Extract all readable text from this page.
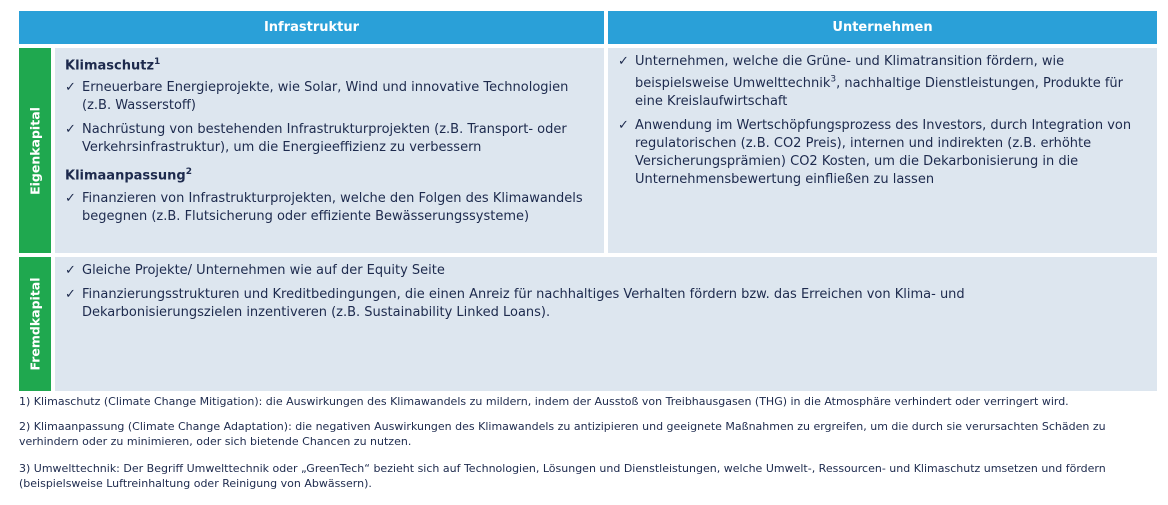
Infrastruktur	Unternehmen
Eigenkapital
Klimaschutz$^1$
✓ Erneuerbare Energieprojekte, wie Solar, Wind und innovative Technologien (z.B. Wasserstoff)
✓ Nachrüstung von bestehenden Infrastrukturprojekten (z.B. Transport- oder Verkehrsinfrastruktur), um die Energieeffizienz zu verbessern
Klimaanpassung$^2$
✓ Finanzieren von Infrastrukturprojekten, welche den Folgen des Klimawandels begegnen (z.B. Flutsicherung oder effiziente Bewässerungssysteme)
✓ Unternehmen, welche die Grüne- und Klimatransition fördern, wie beispielsweise Umwelttechnik$^3$, nachhaltige Dienstleistungen, Produkte für eine Kreislaufwirtschaft
✓ Anwendung im Wertschöpfungsprozess des Investors, durch Integration von regulatorischen (z.B. CO2 Preis), internen und indirekten (z.B. erhöhte Versicherungsprämien) CO2 Kosten, um die Dekarbonisierung in die Unternehmensbewertung einfließen zu lassen
Fremdkapital
✓ Gleiche Projekte/ Unternehmen wie auf der Equity Seite
✓ Finanzierungsstrukturen und Kreditbedingungen, die einen Anreiz für nachhaltiges Verhalten fördern bzw. das Erreichen von Klima- und Dekarbonisierungszielen inzentiveren (z.B. Sustainability Linked Loans).
1) Klimaschutz (Climate Change Mitigation): die Auswirkungen des Klimawandels zu mildern, indem der Ausstoß von Treibhausgasen (THG) in die Atmosphäre verhindert oder verringert wird.
2) Klimaanpassung (Climate Change Adaptation): die negativen Auswirkungen des Klimawandels zu antizipieren und geeignete Maßnahmen zu ergreifen, um die durch sie verursachten Schäden zu verhindern oder zu minimieren, oder sich bietende Chancen zu nutzen.
3) Umwelttechnik: Der Begriff Umwelttechnik oder „GreenTech“ bezieht sich auf Technologien, Lösungen und Dienstleistungen, welche Umwelt-, Ressourcen- und Klimaschutz umsetzen und fördern (beispielsweise Luftreinhaltung oder Reinigung von Abwässern).
